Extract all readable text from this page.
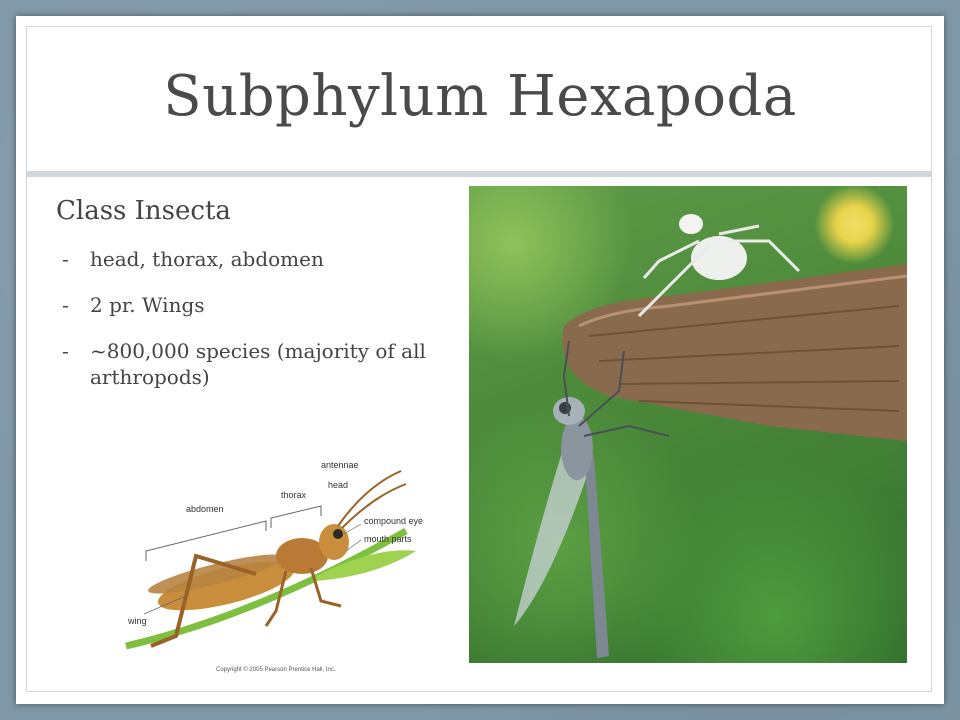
Subphylum Hexapoda
Class Insecta
- head, thorax, abdomen
- 2 pr. Wings
- ~800,000 species (majority of all arthropods)
antennae
head
thorax
abdomen
compound eye
mouth parts
wing
Copyright © 2005 Pearson Prentice Hall, Inc.
